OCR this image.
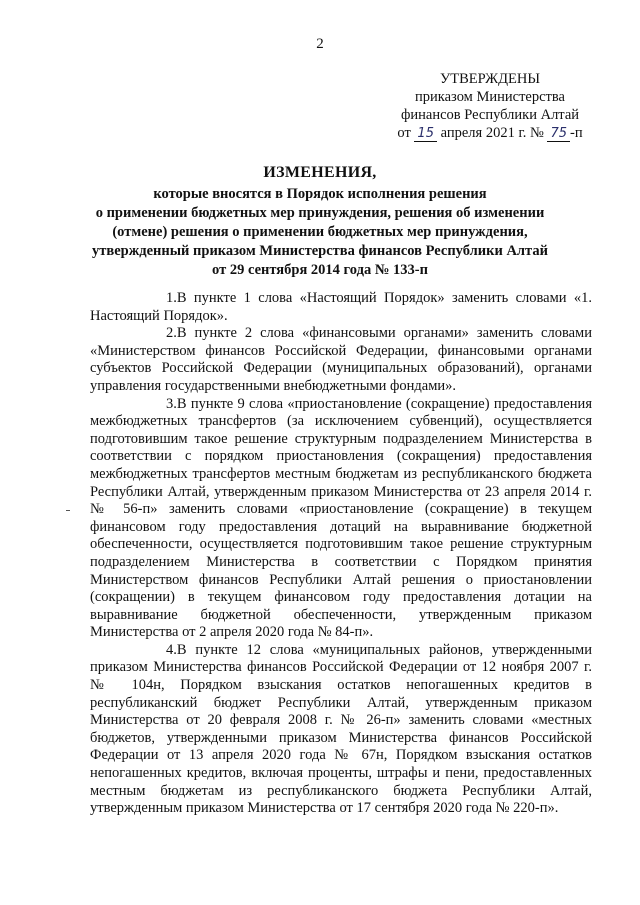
2
УТВЕРЖДЕНЫ
приказом Министерства
финансов Республики Алтай
от 15 апреля 2021 г. № 75 -п
ИЗМЕНЕНИЯ,
которые вносятся в Порядок исполнения решения
о применении бюджетных мер принуждения, решения об изменении
(отмене) решения о применении бюджетных мер принуждения,
утвержденный приказом Министерства финансов Республики Алтай
от 29 сентября 2014 года № 133-п

1.В пункте 1 слова «Настоящий Порядок» заменить словами «1. Настоящий Порядок».

2.В пункте 2 слова «финансовыми органами» заменить словами «Министерством финансов Российской Федерации, финансовыми органами субъектов Российской Федерации (муниципальных образований), органами управления государственными внебюджетными фондами».

3.В пункте 9 слова «приостановление (сокращение) предоставления межбюджетных трансфертов (за исключением субвенций), осуществляется подготовившим такое решение структурным подразделением Министерства в соответствии с порядком приостановления (сокращения) предоставления межбюджетных трансфертов местным бюджетам из республиканского бюджета Республики Алтай, утвержденным приказом Министерства от 23 апреля 2014 г. № 56-п» заменить словами «приостановление (сокращение) в текущем финансовом году предоставления дотаций на выравнивание бюджетной обеспеченности, осуществляется подготовившим такое решение структурным подразделением Министерства в соответствии с Порядком принятия Министерством финансов Республики Алтай решения о приостановлении (сокращении) в текущем финансовом году предоставления дотации на выравнивание бюджетной обеспеченности, утвержденным приказом Министерства от 2 апреля 2020 года № 84-п».

4.В пункте 12 слова «муниципальных районов, утвержденными приказом Министерства финансов Российской Федерации от 12 ноября 2007 г. № 104н, Порядком взыскания остатков непогашенных кредитов в республиканский бюджет Республики Алтай, утвержденным приказом Министерства от 20 февраля 2008 г. № 26-п» заменить словами «местных бюджетов, утвержденными приказом Министерства финансов Российской Федерации от 13 апреля 2020 года № 67н, Порядком взыскания остатков непогашенных кредитов, включая проценты, штрафы и пени, предоставленных местным бюджетам из республиканского бюджета Республики Алтай, утвержденным приказом Министерства от 17 сентября 2020 года № 220-п».
